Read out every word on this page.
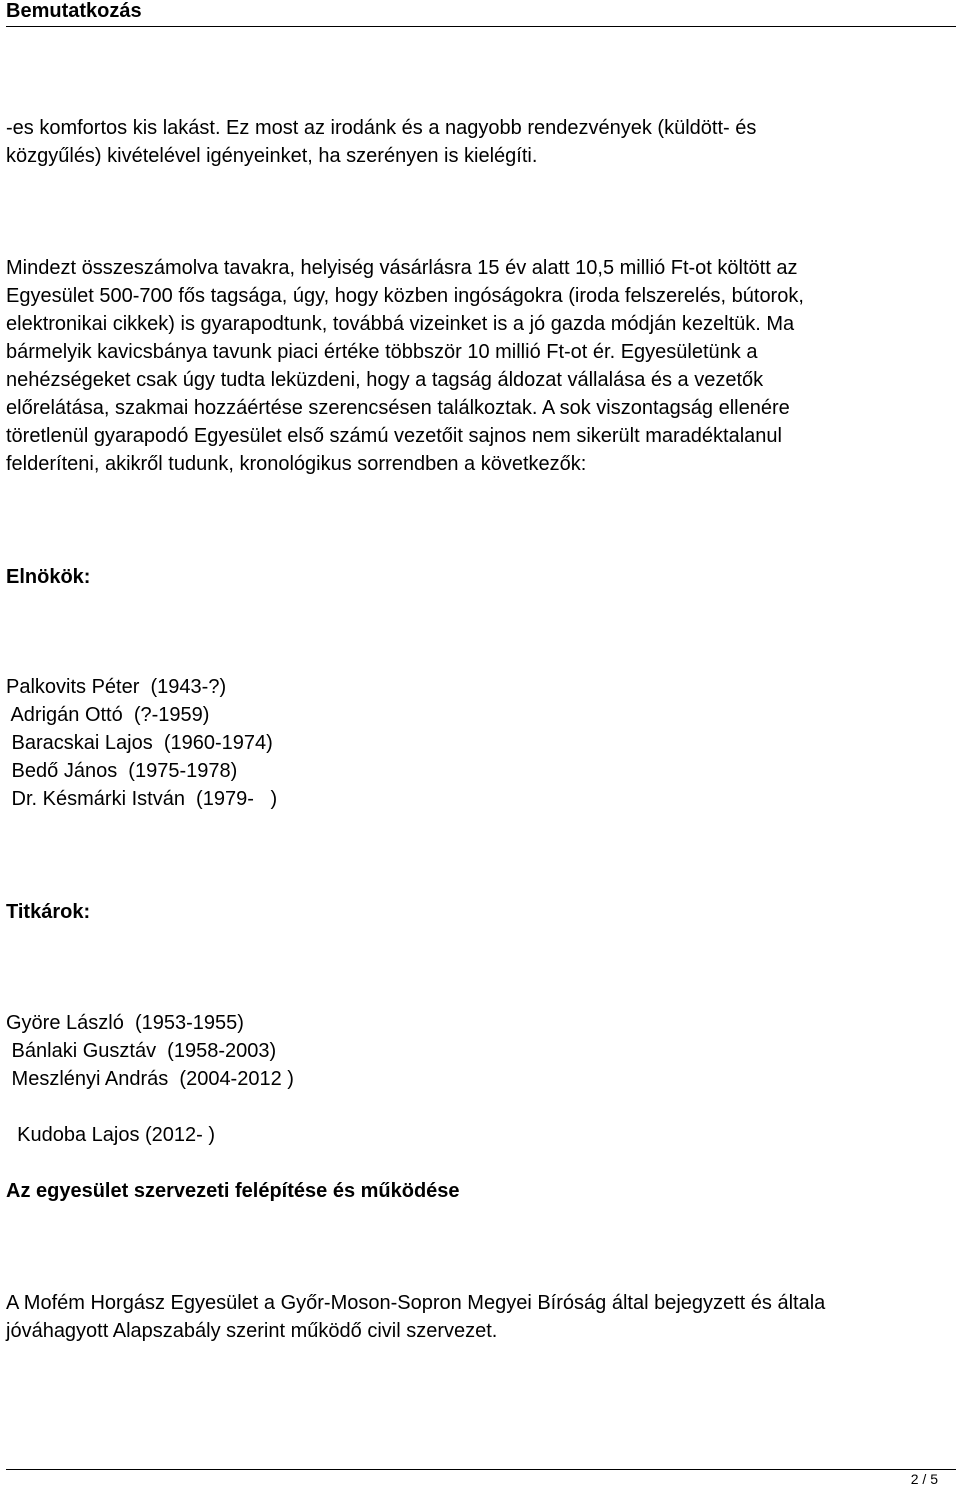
Bemutatkozás

-es komfortos kis lakást. Ez most az irodánk és a nagyobb rendezvények (küldött- és

közgyűlés) kivételével igényeinket, ha szerényen is kielégíti.

Mindezt összeszámolva tavakra, helyiség vásárlásra 15 év alatt 10,5 millió Ft-ot költött az

Egyesület 500-700 fős tagsága, úgy, hogy közben ingóságokra (iroda felszerelés, bútorok,

elektronikai cikkek) is gyarapodtunk, továbbá vizeinket is a jó gazda módján kezeltük. Ma

bármelyik kavicsbánya tavunk piaci értéke többször 10 millió Ft-ot ér. Egyesületünk a

nehézségeket csak úgy tudta leküzdeni, hogy a tagság áldozat vállalása és a vezetők

előrelátása, szakmai hozzáértése szerencsésen találkoztak. A sok viszontagság ellenére

töretlenül gyarapodó Egyesület első számú vezetőit sajnos nem sikerült maradéktalanul

felderíteni, akikről tudunk, kronológikus sorrendben a következők:

Elnökök:
Palkovits Péter  (1943-?)
Adrigán Ottó  (?-1959)
Baracskai Lajos  (1960-1974)
Bedő János  (1975-1978)
Dr. Késmárki István  (1979-   )
Titkárok:
Györe László  (1953-1955)
Bánlaki Gusztáv  (1958-2003)
Meszlényi András  (2004-2012 )
Kudoba Lajos (2012- )
Az egyesület szervezeti felépítése és működése

A Mofém Horgász Egyesület a Győr-Moson-Sopron Megyei Bíróság által bejegyzett és általa

jóváhagyott Alapszabály szerint működő civil szervezet.

2 / 5
